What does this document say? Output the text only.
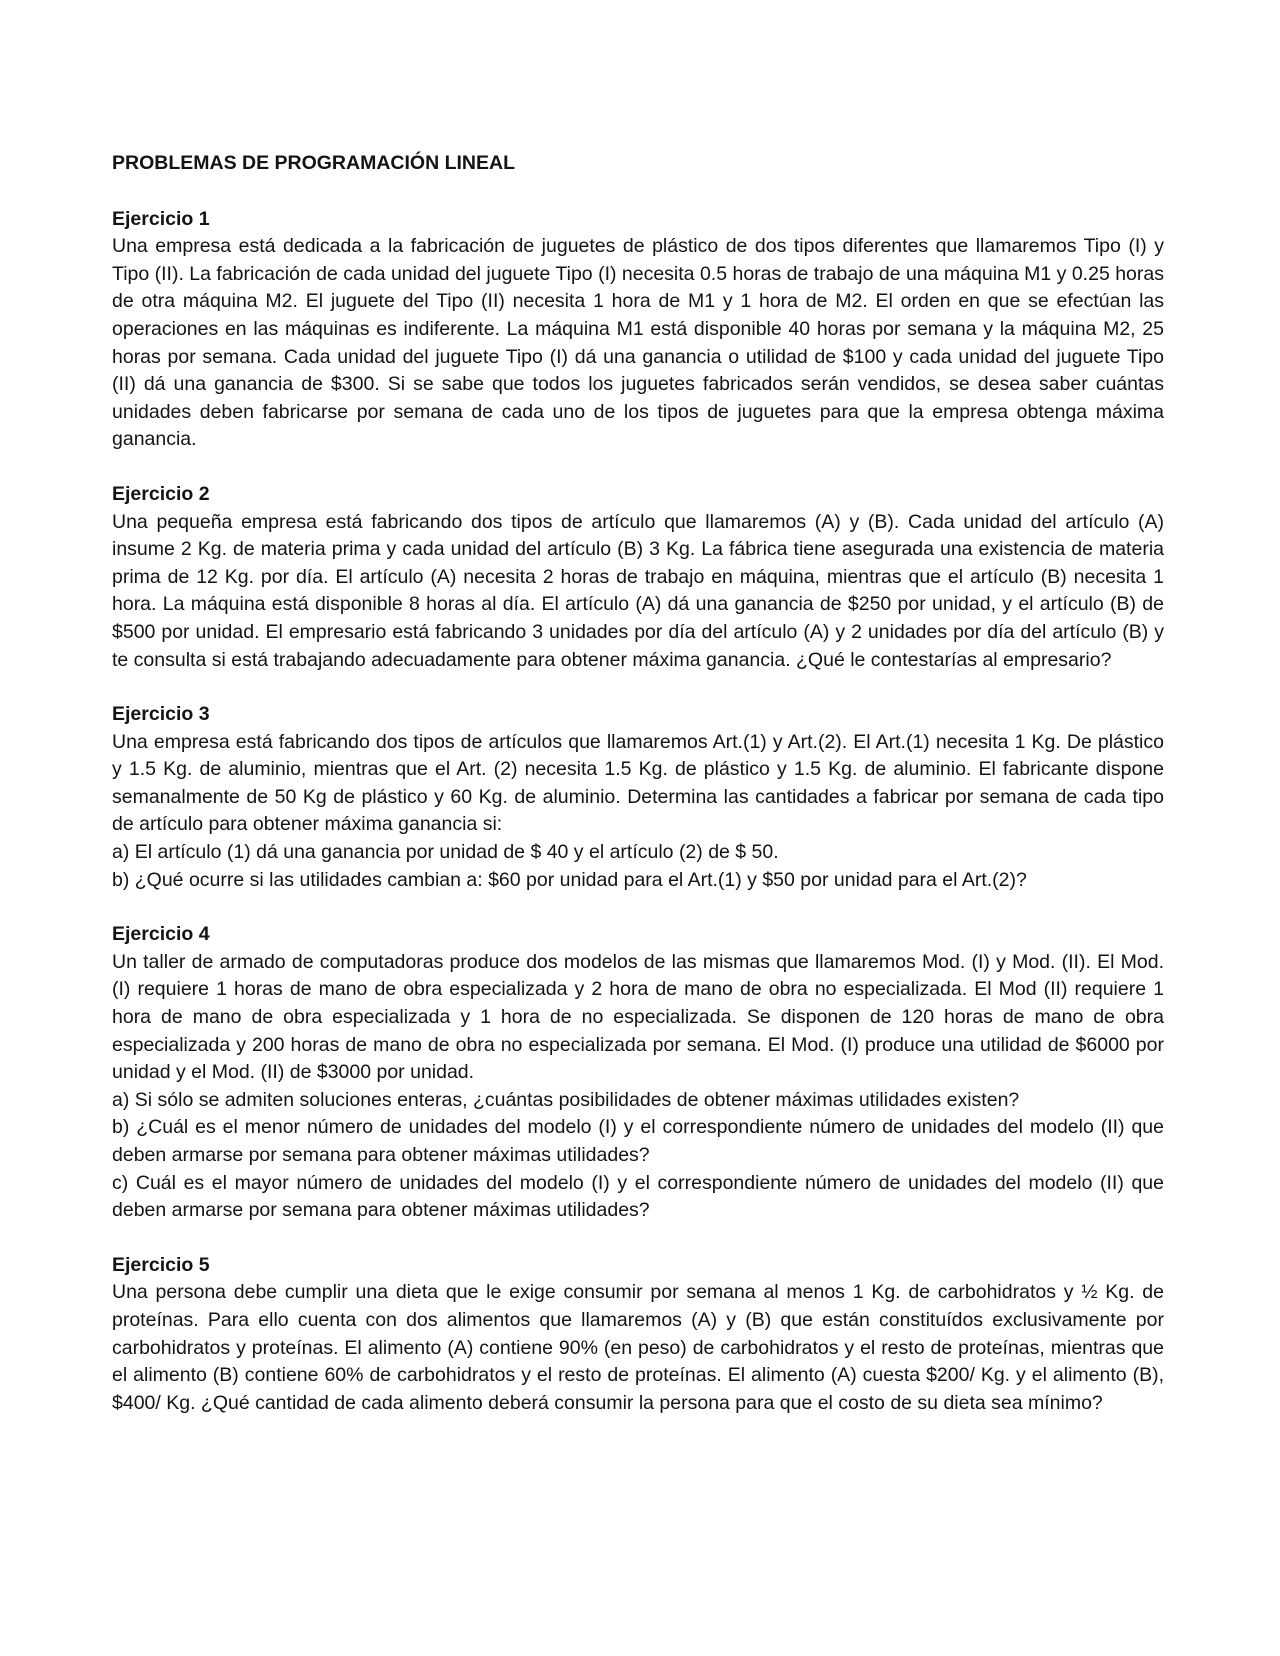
PROBLEMAS DE PROGRAMACIÓN LINEAL

Ejercicio 1

Una empresa está dedicada a la fabricación de juguetes de plástico de dos tipos diferentes que llamaremos Tipo (I) y Tipo (II). La fabricación de cada unidad del juguete Tipo (I) necesita 0.5 horas de trabajo de una máquina M1 y 0.25 horas de otra máquina M2. El juguete del Tipo (II) necesita 1 hora de M1 y 1 hora de M2. El orden en que se efectúan las operaciones en las máquinas es indiferente. La máquina M1 está disponible 40 horas por semana y la máquina M2, 25 horas por semana. Cada unidad del juguete Tipo (I) dá una ganancia o utilidad de $100 y cada unidad del juguete Tipo (II) dá una ganancia de $300. Si se sabe que todos los juguetes fabricados serán vendidos, se desea saber cuántas unidades deben fabricarse por semana de cada uno de los tipos de juguetes para que la empresa obtenga máxima ganancia.

Ejercicio 2

Una pequeña empresa está fabricando dos tipos de artículo que llamaremos (A) y (B). Cada unidad del artículo (A) insume 2 Kg. de materia prima y cada unidad del artículo (B) 3 Kg. La fábrica tiene asegurada una existencia de materia prima de 12 Kg. por día. El artículo (A) necesita 2 horas de trabajo en máquina, mientras que el artículo (B) necesita 1 hora. La máquina está disponible 8 horas al día. El artículo (A) dá una ganancia de $250 por unidad, y el artículo (B) de $500 por unidad. El empresario está fabricando 3 unidades por día del artículo (A) y 2 unidades por día del artículo (B) y te consulta si está trabajando adecuadamente para obtener máxima ganancia. ¿Qué le contestarías al empresario?

Ejercicio 3

Una empresa está fabricando dos tipos de artículos que llamaremos Art.(1) y Art.(2). El Art.(1) necesita 1 Kg. De plástico y 1.5 Kg. de aluminio, mientras que el Art. (2) necesita 1.5 Kg. de plástico y 1.5 Kg. de aluminio. El fabricante dispone semanalmente de 50 Kg de plástico y 60 Kg. de aluminio. Determina las cantidades a fabricar por semana de cada tipo de artículo para obtener máxima ganancia si:

a) El artículo (1) dá una ganancia por unidad de $ 40 y el artículo (2) de $ 50.

b) ¿Qué ocurre si las utilidades cambian a: $60 por unidad para el Art.(1) y $50 por unidad para el Art.(2)?

Ejercicio 4

Un taller de armado de computadoras produce dos modelos de las mismas que llamaremos Mod. (I) y Mod. (II). El Mod.(I) requiere 1 horas de mano de obra especializada y 2 hora de mano de obra no especializada. El Mod (II) requiere 1 hora de mano de obra especializada y 1 hora de no especializada. Se disponen de 120 horas de mano de obra especializada y 200 horas de mano de obra no especializada por semana. El Mod. (I) produce una utilidad de $6000 por unidad y el Mod. (II) de $3000 por unidad.

a) Si sólo se admiten soluciones enteras, ¿cuántas posibilidades de obtener máximas utilidades existen?

b) ¿Cuál es el menor número de unidades del modelo (I) y el correspondiente número de unidades del modelo (II) que deben armarse por semana para obtener máximas utilidades?

c) Cuál es el mayor número de unidades del modelo (I) y el correspondiente número de unidades del modelo (II) que deben armarse por semana para obtener máximas utilidades?

Ejercicio 5

Una persona debe cumplir una dieta que le exige consumir por semana al menos 1 Kg. de carbohidratos y ½ Kg. de proteínas. Para ello cuenta con dos alimentos que llamaremos (A) y (B) que están constituídos exclusivamente por carbohidratos y proteínas. El alimento (A) contiene 90% (en peso) de carbohidratos y el resto de proteínas, mientras que el alimento (B) contiene 60% de carbohidratos y el resto de proteínas. El alimento (A) cuesta $200/ Kg. y el alimento (B), $400/ Kg. ¿Qué cantidad de cada alimento deberá consumir la persona para que el costo de su dieta sea mínimo?
